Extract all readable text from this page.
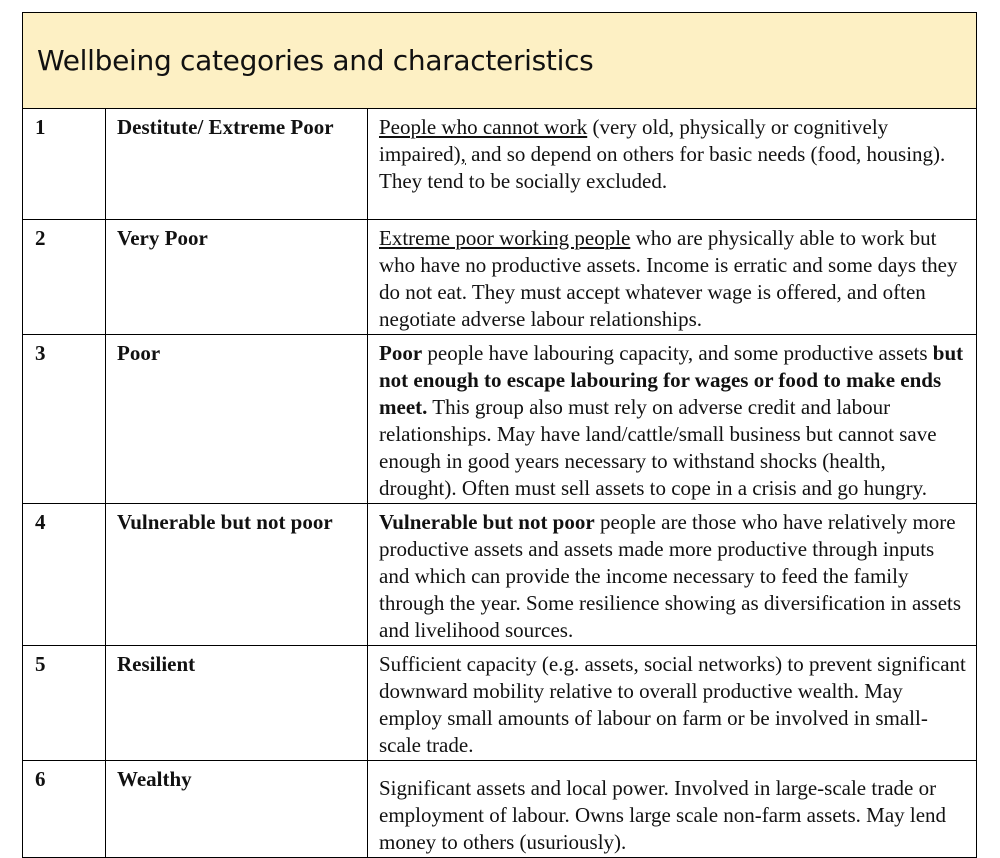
Wellbeing categories and characteristics
1	Destitute/ Extreme Poor	People who cannot work (very old, physically or cognitively impaired), and so depend on others for basic needs (food, housing). They tend to be socially excluded.
2	Very Poor	Extreme poor working people who are physically able to work but who have no productive assets. Income is erratic and some days they do not eat. They must accept whatever wage is offered, and often negotiate adverse labour relationships.
3	Poor	Poor people have labouring capacity, and some productive assets but not enough to escape labouring for wages or food to make ends meet. This group also must rely on adverse credit and labour relationships. May have land/cattle/small business but cannot save enough in good years necessary to withstand shocks (health, drought). Often must sell assets to cope in a crisis and go hungry.
4	Vulnerable but not poor	Vulnerable but not poor people are those who have relatively more productive assets and assets made more productive through inputs and which can provide the income necessary to feed the family through the year. Some resilience showing as diversification in assets and livelihood sources.
5	Resilient	Sufficient capacity (e.g. assets, social networks) to prevent significant downward mobility relative to overall productive wealth. May employ small amounts of labour on farm or be involved in small-scale trade.
6	Wealthy	Significant assets and local power. Involved in large-scale trade or employment of labour. Owns large scale non-farm assets. May lend money to others (usuriously).
